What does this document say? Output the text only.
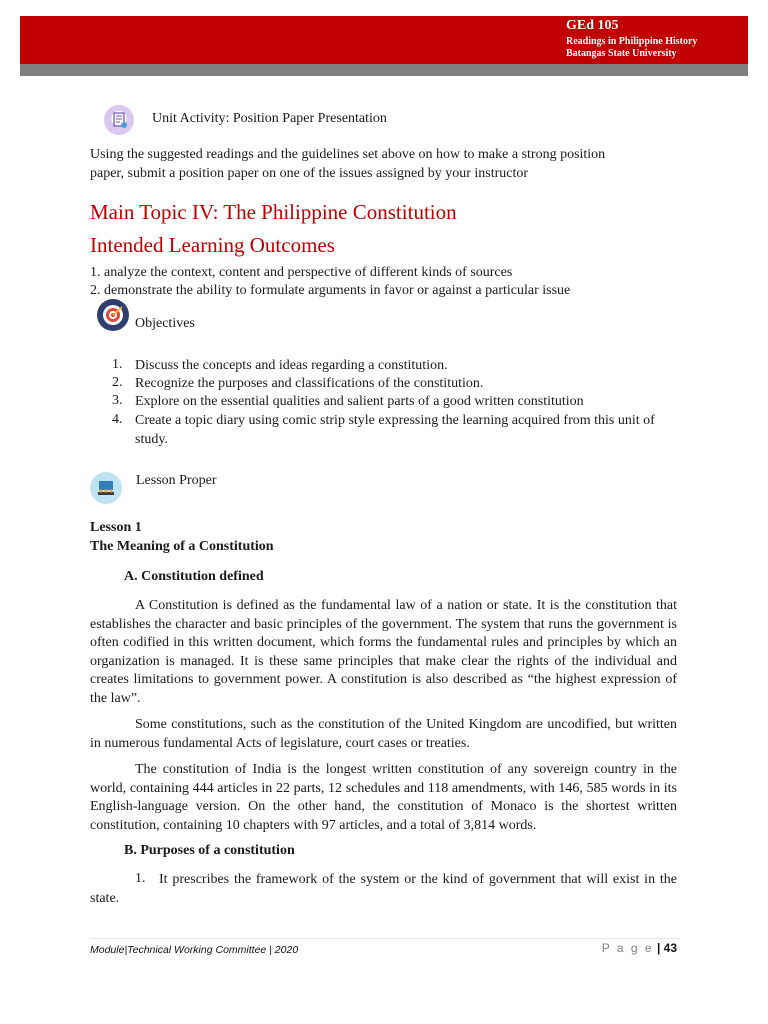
GEd 105
Readings in Philippine History
Batangas State University
Unit Activity: Position Paper Presentation
Using the suggested readings and the guidelines set above on how to make a strong position
paper, submit a position paper on one of the issues assigned by your instructor
Main Topic IV: The Philippine Constitution
Intended Learning Outcomes
1. analyze the context, content and perspective of different kinds of sources
2. demonstrate the ability to formulate arguments in favor or against a particular issue
Objectives
1. Discuss the concepts and ideas regarding a constitution.
2. Recognize the purposes and classifications of the constitution.
3. Explore on the essential qualities and salient parts of a good written constitution
4. Create a topic diary using comic strip style expressing the learning acquired from this unit of study.
Lesson Proper
Lesson 1
The Meaning of a Constitution
A. Constitution defined
A Constitution is defined as the fundamental law of a nation or state. It is the constitution that establishes the character and basic principles of the government. The system that runs the government is often codified in this written document, which forms the fundamental rules and principles by which an organization is managed. It is these same principles that make clear the rights of the individual and creates limitations to government power. A constitution is also described as “the highest expression of the law”.
Some constitutions, such as the constitution of the United Kingdom are uncodified, but written in numerous fundamental Acts of legislature, court cases or treaties.
The constitution of India is the longest written constitution of any sovereign country in the world, containing 444 articles in 22 parts, 12 schedules and 118 amendments, with 146, 585 words in its English-language version. On the other hand, the constitution of Monaco is the shortest written constitution, containing 10 chapters with 97 articles, and a total of 3,814 words.
B. Purposes of a constitution
1. It prescribes the framework of the system or the kind of government that will exist in the state.
Module|Technical Working Committee | 2020	P a g e | 43
